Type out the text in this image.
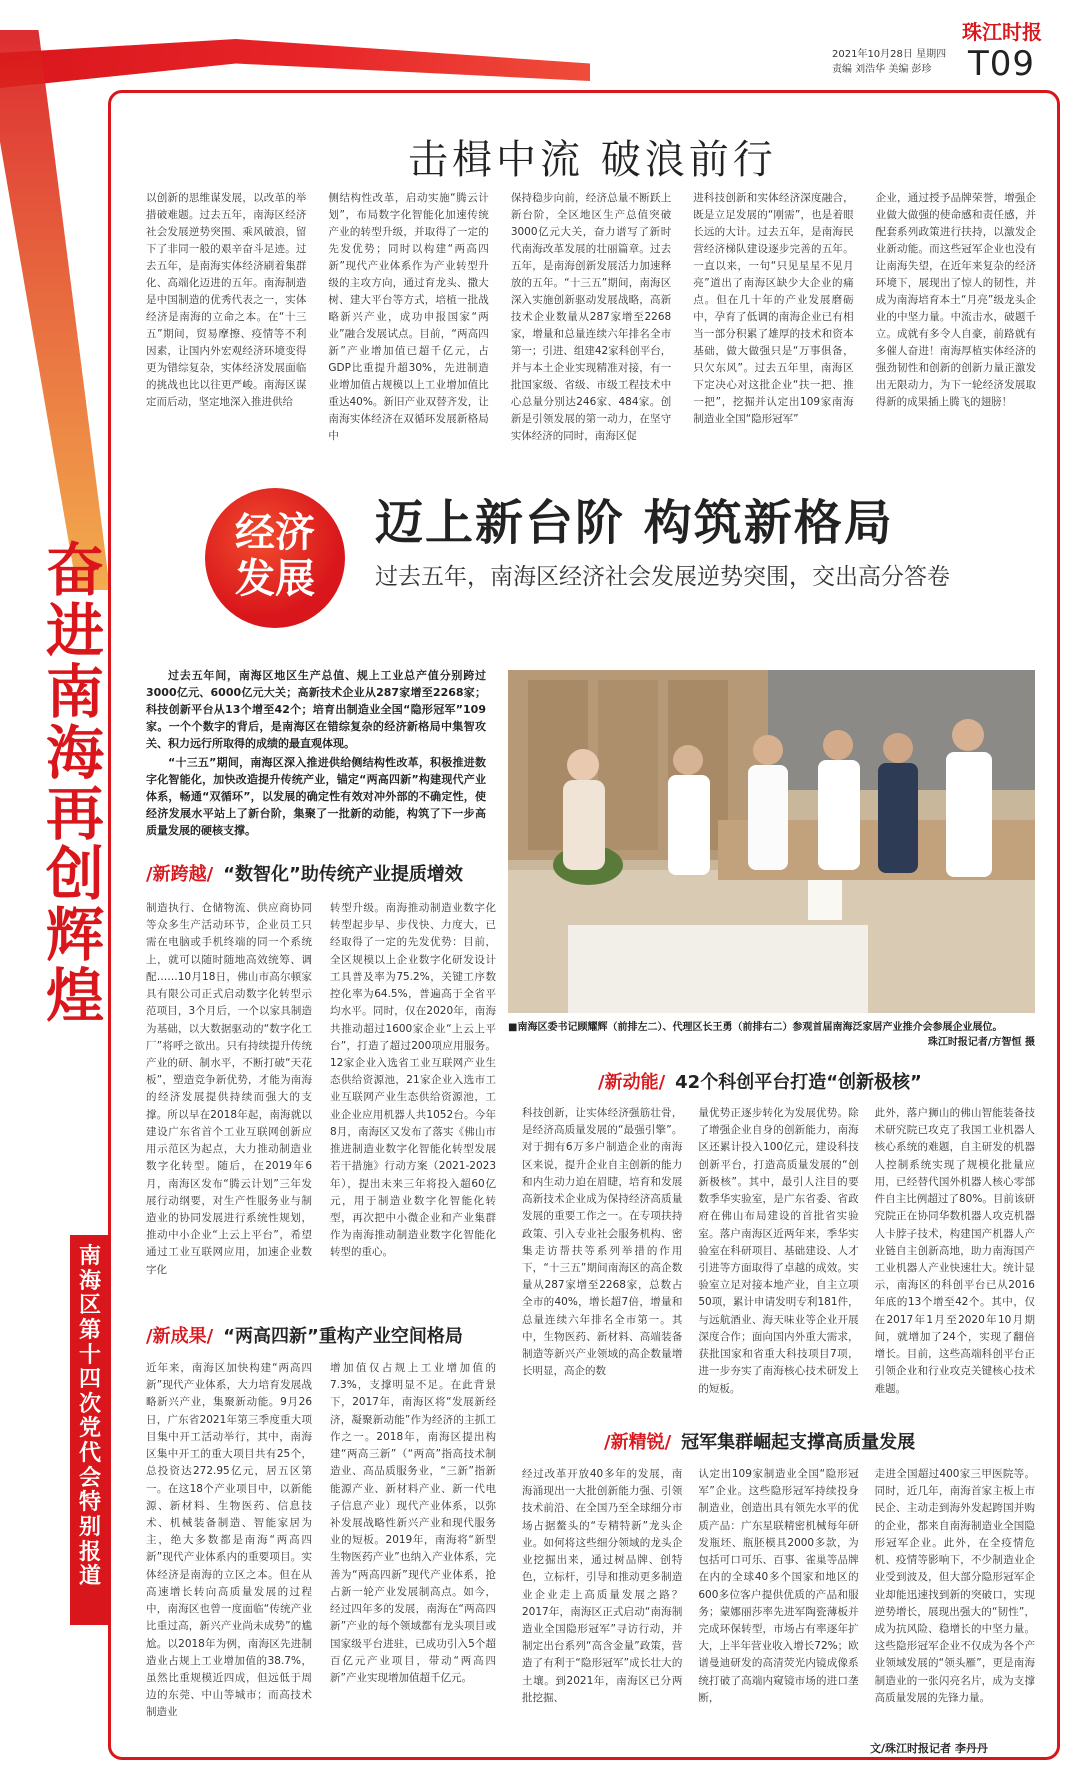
珠江时报
2021年10月28日 星期四
责编 刘浩华 美编 彭珍	T09
奋
进
南
海
再
创
辉
煌
南
海
区
第
十
四
次
党
代
会
特
别
报
道
击楫中流 破浪前行
以创新的思维谋发展，以改革的举措破难题。过去五年，南海区经济社会发展逆势突围、乘风破浪，留下了非同一般的艰辛奋斗足迹。过去五年，是南海实体经济刷着集群化、高端化迈进的五年。南海制造是中国制造的优秀代表之一，实体经济是南海的立命之本。在“十三五”期间，贸易摩擦、疫情等不利因素，让国内外宏观经济环境变得更为错综复杂，实体经济发展面临的挑战也比以往更严峻。南海区谋定而后动，坚定地深入推进供给
侧结构性改革，启动实施“腾云计划”，布局数字化智能化加速传统产业的转型升级，并取得了一定的先发优势；同时以构建“两高四新”现代产业体系作为产业转型升级的主攻方向，通过育龙头、撒大树、建大平台等方式，培植一批战略新兴产业，成功申报国家“两业”融合发展试点。目前，“两高四新”产业增加值已超千亿元，占GDP比重提升超30%，先进制造业增加值占规模以上工业增加值比重达40%。新旧产业双替齐发，让南海实体经济在双循环发展新格局中
保持稳步向前，经济总量不断跃上新台阶，全区地区生产总值突破3000亿元大关，奋力谱写了新时代南海改革发展的壮丽篇章。过去五年，是南海创新发展活力加速释放的五年。“十三五”期间，南海区深入实施创新驱动发展战略，高新技术企业数量从287家增至2268家，增量和总量连续六年排名全市第一；引进、组建42家科创平台，并与本土企业实现精准对接，有一批国家级、省级、市级工程技术中心总量分别达246家、484家。创新是引领发展的第一动力，在坚守实体经济的同时，南海区促
进科技创新和实体经济深度融合，既是立足发展的“刚需”，也是着眼长远的大计。过去五年，是南海民营经济梯队建设逐步完善的五年。一直以来，一句“只见星星不见月亮”道出了南海区缺少大企业的痛点。但在几十年的产业发展磨砺中，孕育了低调的南海企业已有相当一部分积累了雄厚的技术和资本基础，做大做强只是“万事俱备，只欠东风”。过去五年里，南海区下定决心对这批企业“扶一把、推一把”，挖掘并认定出109家南海制造业全国“隐形冠军”
企业，通过授予品牌荣誉，增强企业做大做强的使命感和责任感，并配套系列政策进行扶持，以激发企业新动能。而这些冠军企业也没有让南海失望，在近年来复杂的经济环境下，展现出了惊人的韧性，并成为南海培育本土“月亮”级龙头企业的中坚力量。中流击水，破题千立。成就有多令人自豪，前路就有多催人奋进！南海厚植实体经济的强劲韧性和创新的创新力量正激发出无限动力，为下一轮经济发展取得新的成果插上腾飞的翅膀！
经济
发展
迈上新台阶 构筑新格局
过去五年，南海区经济社会发展逆势突围，交出高分答卷

过去五年间，南海区地区生产总值、规上工业总产值分别跨过3000亿元、6000亿元大关；高新技术企业从287家增至2268家；科技创新平台从13个增至42个；培育出制造业全国“隐形冠军”109家。一个个数字的背后，是南海区在错综复杂的经济新格局中集智攻关、积力远行所取得的成绩的最直观体现。

“十三五”期间，南海区深入推进供给侧结构性改革，积极推进数字化智能化，加快改造提升传统产业，锚定“两高四新”构建现代产业体系，畅通“双循环”，以发展的确定性有效对冲外部的不确定性，使经济发展水平站上了新台阶，集聚了一批新的动能，构筑了下一步高质量发展的硬核支撑。

■南海区委书记顾耀辉（前排左二）、代理区长王勇（前排右二）参观首届南海泛家居产业推介会参展企业展位。
珠江时报记者/方智恒 摄
/新跨越/ “数智化”助传统产业提质增效
制造执行、仓储物流、供应商协同等众多生产活动环节，企业员工只需在电脑或手机终端的同一个系统上，就可以随时随地高效统筹、调配……10月18日，佛山市高尔顿家具有限公司正式启动数字化转型示范项目，3个月后，一个以家具制造为基础，以大数据驱动的“数字化工厂”将呼之欲出。只有持续提升传统产业的研、制水平，不断打破“天花板”，塑造竞争新优势，才能为南海的经济发展提供持续而强大的支撑。所以早在2018年起，南海就以建设广东省首个工业互联网创新应用示范区为起点，大力推动制造业数字化转型。随后，在2019年6月，南海区发布“腾云计划”三年发展行动纲要，对生产性服务业与制造业的协同发展进行系统性规划，推动中小企业“上云上平台”，希望通过工业互联网应用，加速企业数字化
转型升级。南海推动制造业数字化转型起步早、步伐快、力度大，已经取得了一定的先发优势：目前，全区规模以上企业数字化研发设计工具普及率为75.2%，关键工序数控化率为64.5%，普遍高于全省平均水平。同时，仅在2020年，南海共推动超过1600家企业“上云上平台”，打造了超过200项应用服务。12家企业入选省工业互联网产业生态供给资源池，21家企业入选市工业互联网产业生态供给资源池，工业企业应用机器人共1052台。今年8月，南海区又发布了落实《佛山市推进制造业数字化智能化转型发展若干措施》行动方案（2021-2023年），提出未来三年将投入超60亿元，用于制造业数字化智能化转型，再次把中小微企业和产业集群作为南海推动制造业数字化智能化转型的重心。
/新成果/ “两高四新”重构产业空间格局
近年来，南海区加快构建“两高四新”现代产业体系，大力培育发展战略新兴产业，集聚新动能。9月26日，广东省2021年第三季度重大项目集中开工活动举行，其中，南海区集中开工的重大项目共有25个，总投资达272.95亿元，居五区第一。在这18个产业项目中，以新能源、新材料、生物医药、信息技术、机械装备制造、智能家居为主，绝大多数都是南海“两高四新”现代产业体系内的重要项目。实体经济是南海的立区之本。但在从高速增长转向高质量发展的过程中，南海区也曾一度面临“传统产业比重过高，新兴产业尚未成势”的尴尬。以2018年为例，南海区先进制造业占规上工业增加值的38.7%，虽然比重规模近四成，但远低于周边的东莞、中山等城市；而高技术制造业
增加值仅占规上工业增加值的7.3%，支撑明显不足。在此背景下，2017年，南海区将“发展新经济，凝聚新动能”作为经济的主抓工作之一。2018年，南海区提出构建“两高三新”（“两高”指高技术制造业、高品质服务业，“三新”指新能源产业、新材料产业、新一代电子信息产业）现代产业体系，以弥补发展战略性新兴产业和现代服务业的短板。2019年，南海将“新型生物医药产业”也纳入产业体系，完善为“两高四新”现代产业体系，抢占新一轮产业发展制高点。如今，经过四年多的发展，南海在“两高四新”产业的每个领域都有龙头项目或国家级平台进驻，已成功引入5个超百亿元产业项目，带动“两高四新”产业实现增加值超千亿元。
/新动能/ 42个科创平台打造“创新极核”
科技创新，让实体经济强筋壮骨，是经济高质量发展的“最强引擎”。对于拥有6万多户制造企业的南海区来说，提升企业自主创新的能力和内生动力迫在眉睫，培育和发展高新技术企业成为保持经济高质量发展的重要工作之一。在专项扶持政策、引入专业社会服务机构、密集走访帮扶等系列举措的作用下，“十三五”期间南海区的高企数量从287家增至2268家，总数占全市的40%，增长超7倍，增量和总量连续六年排名全市第一。其中，生物医药、新材料、高端装备制造等新兴产业领域的高企数量增长明显，高企的数
量优势正逐步转化为发展优势。除了增强企业自身的创新能力，南海区还累计投入100亿元，建设科技创新平台，打造高质量发展的“创新极核”。其中，最引人注目的要数季华实验室，是广东省委、省政府在佛山布局建设的首批省实验室。落户南海区近两年来，季华实验室在科研项目、基础建设、人才引进等方面取得了卓越的成效。实验室立足对接本地产业，自主立项50项，累计申请发明专利181件，与远航酒业、海天味业等企业开展深度合作；面向国内外重大需求，获批国家和省重大科技项目7项，进一步夯实了南海核心技术研发上的短板。
此外，落户狮山的佛山智能装备技术研究院已攻克了我国工业机器人核心系统的难题，自主研发的机器人控制系统实现了规模化批量应用，已经替代国外机器人核心零部件自主比例超过了80%。目前该研究院正在协同华数机器人攻克机器人卡脖子技术，构建国产机器人产业链自主创新高地，助力南海国产工业机器人产业快速壮大。统计显示，南海区的科创平台已从2016年底的13个增至42个。其中，仅在2017年1月至2020年10月期间，就增加了24个，实现了翻倍增长。目前，这些高端科创平台正引领企业和行业攻克关键核心技术难题。
/新精锐/ 冠军集群崛起支撑高质量发展
经过改革开放40多年的发展，南海涌现出一大批创新能力强、引领技术前沿、在全国乃至全球细分市场占据鳌头的“专精特新”龙头企业。如何将这些细分领域的龙头企业挖掘出来，通过树品牌、创特色，立标杆，引导和推动更多制造业企业走上高质量发展之路？2017年，南海区正式启动“南海制造业全国隐形冠军”寻访行动，并制定出台系列“高含金量”政策，营造了有利于“隐形冠军”成长壮大的土壤。到2021年，南海区已分两批挖掘、
认定出109家制造业全国“隐形冠军”企业。这些隐形冠军持续投身制造业，创造出具有领先水平的优质产品：广东星联精密机械每年研发瓶坯、瓶胚模具2000多款，为包括可口可乐、百事、雀巢等品牌在内的全球40多个国家和地区的600多位客户提供优质的产品和服务；蒙娜丽莎率先进军陶瓷薄板并完成环保转型，市场占有率逐年扩大，上半年营业收入增长72%；欧谱曼迪研发的高清荧光内镜成像系统打破了高端内窥镜市场的进口垄断，
走进全国超过400家三甲医院等。同时，近几年，南海首家主板上市民企、主动走到海外发起跨国并购的企业，都来自南海制造业全国隐形冠军企业。此外，在全疫情危机、疫情等影响下，不少制造业企业受到波及，但大部分隐形冠军企业却能迅速找到新的突破口，实现逆势增长，展现出强大的“韧性”，成为抗风险、稳增长的中坚力量。这些隐形冠军企业不仅成为各个产业领域发展的“领头雁”，更是南海制造业的一张闪亮名片，成为支撑高质量发展的先锋力量。
文/珠江时报记者 李丹丹
